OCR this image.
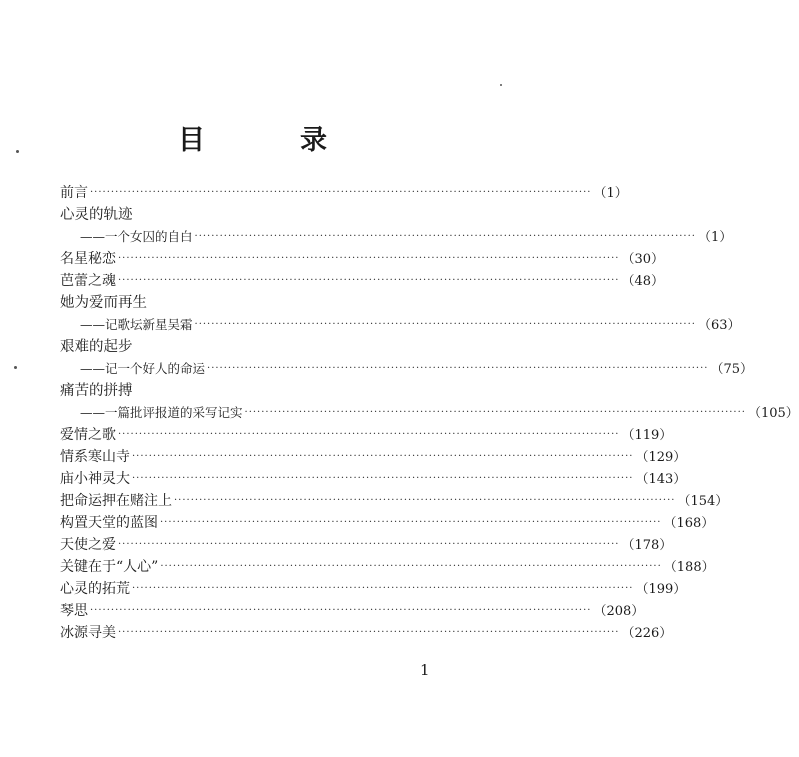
目　录
前言 ························································································································ （1）
心灵的轨迹
——一个女囚的自白 ························································································································ （1）
名星秘恋 ························································································································ （30）
芭蕾之魂 ························································································································ （48）
她为爱而再生
——记歌坛新星吴霜 ························································································································ （63）
艰难的起步
——记一个好人的命运 ························································································································ （75）
痛苦的拼搏
——一篇批评报道的采写记实 ························································································································ （105）
爱情之歌 ························································································································ （119）
情系寒山寺 ························································································································ （129）
庙小神灵大 ························································································································ （143）
把命运押在赌注上 ························································································································ （154）
构置天堂的蓝图 ························································································································ （168）
天使之爱 ························································································································ （178）
关键在于“人心” ························································································································ （188）
心灵的拓荒 ························································································································ （199）
琴思 ························································································································ （208）
冰源寻美 ························································································································ （226）
1
